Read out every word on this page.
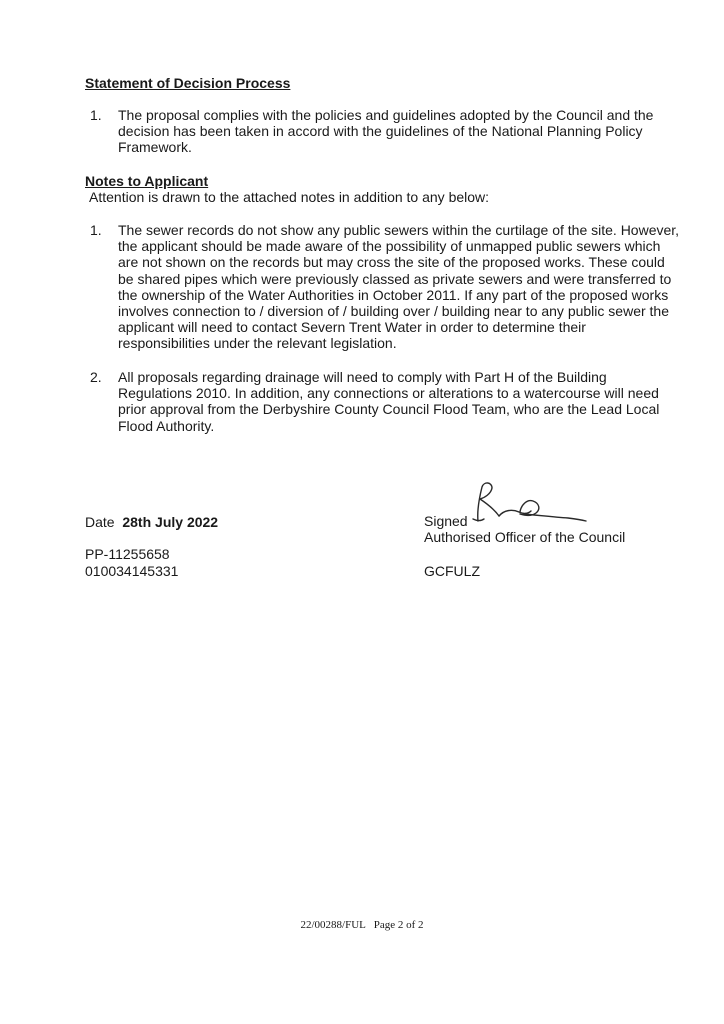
Statement of Decision Process
1. The proposal complies with the policies and guidelines adopted by the Council and the decision has been taken in accord with the guidelines of the National Planning Policy Framework.
Notes to Applicant

Attention is drawn to the attached notes in addition to any below:

1. The sewer records do not show any public sewers within the curtilage of the site. However, the applicant should be made aware of the possibility of unmapped public sewers which are not shown on the records but may cross the site of the proposed works. These could be shared pipes which were previously classed as private sewers and were transferred to the ownership of the Water Authorities in October 2011. If any part of the proposed works involves connection to / diversion of / building over / building near to any public sewer the applicant will need to contact Severn Trent Water in order to determine their responsibilities under the relevant legislation.
2. All proposals regarding drainage will need to comply with Part H of the Building Regulations 2010. In addition, any connections or alterations to a watercourse will need prior approval from the Derbyshire County Council Flood Team, who are the Lead Local Flood Authority.

Date 28th July 2022

PP-11255658

010034145331

Signed

Authorised Officer of the Council

GCFULZ

22/00288/FUL   Page 2 of 2
